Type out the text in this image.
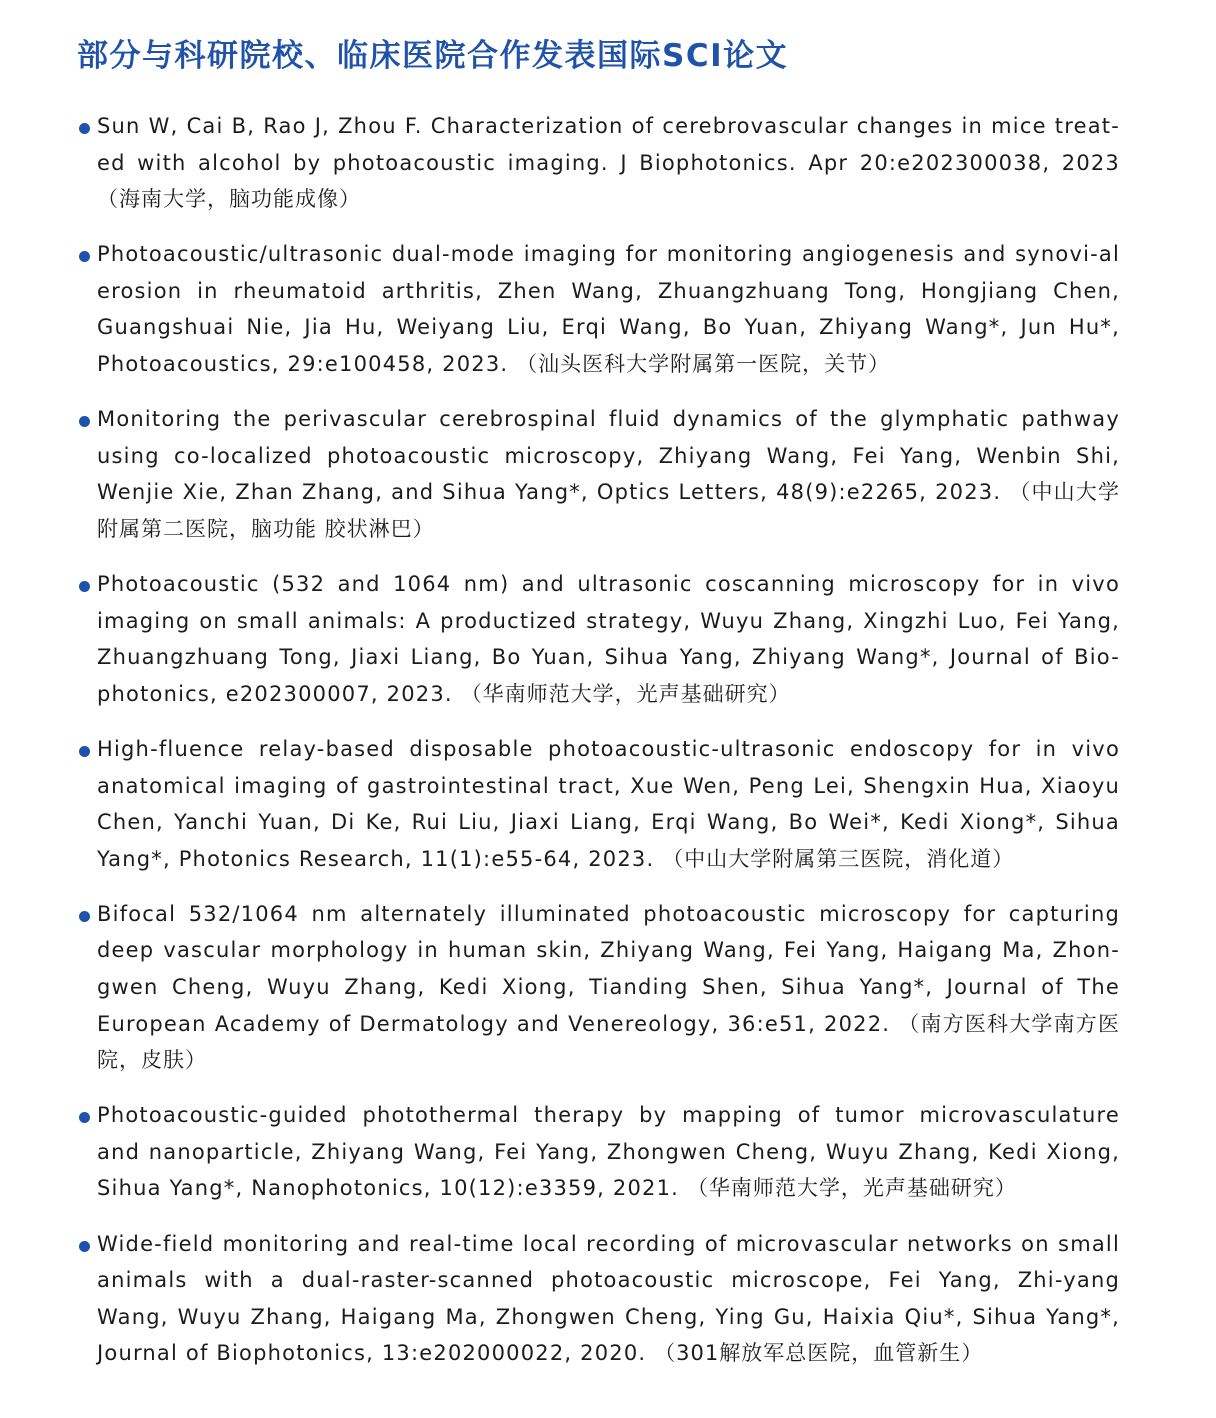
部分与科研院校、临床医院合作发表国际SCI论文
Sun W, Cai B, Rao J, Zhou F. Characterization of cerebrovascular changes in mice treat-ed with alcohol by photoacoustic imaging. J Biophotonics. Apr 20:e202300038, 2023 （海南大学，脑功能成像）
Photoacoustic/ultrasonic dual-mode imaging for monitoring angiogenesis and synovi-al erosion in rheumatoid arthritis, Zhen Wang, Zhuangzhuang Tong, Hongjiang Chen, Guangshuai Nie, Jia Hu, Weiyang Liu, Erqi Wang, Bo Yuan, Zhiyang Wang*, Jun Hu*, Photoacoustics, 29:e100458, 2023. （汕头医科大学附属第一医院，关节）
Monitoring the perivascular cerebrospinal fluid dynamics of the glymphatic pathway using co-localized photoacoustic microscopy, Zhiyang Wang, Fei Yang, Wenbin Shi, Wenjie Xie, Zhan Zhang, and Sihua Yang*, Optics Letters, 48(9):e2265, 2023. （中山大学附属第二医院，脑功能 胶状淋巴）
Photoacoustic (532 and 1064 nm) and ultrasonic coscanning microscopy for in vivo imaging on small animals: A productized strategy, Wuyu Zhang, Xingzhi Luo, Fei Yang, Zhuangzhuang Tong, Jiaxi Liang, Bo Yuan, Sihua Yang, Zhiyang Wang*, Journal of Bio-photonics, e202300007, 2023. （华南师范大学，光声基础研究）
High-fluence relay-based disposable photoacoustic-ultrasonic endoscopy for in vivo anatomical imaging of gastrointestinal tract, Xue Wen, Peng Lei, Shengxin Hua, Xiaoyu Chen, Yanchi Yuan, Di Ke, Rui Liu, Jiaxi Liang, Erqi Wang, Bo Wei*, Kedi Xiong*, Sihua Yang*, Photonics Research, 11(1):e55-64, 2023. （中山大学附属第三医院，消化道）
Bifocal 532/1064 nm alternately illuminated photoacoustic microscopy for capturing deep vascular morphology in human skin, Zhiyang Wang, Fei Yang, Haigang Ma, Zhon-gwen Cheng, Wuyu Zhang, Kedi Xiong, Tianding Shen, Sihua Yang*, Journal of The European Academy of Dermatology and Venereology, 36:e51, 2022. （南方医科大学南方医院，皮肤）
Photoacoustic-guided photothermal therapy by mapping of tumor microvasculature and nanoparticle, Zhiyang Wang, Fei Yang, Zhongwen Cheng, Wuyu Zhang, Kedi Xiong, Sihua Yang*, Nanophotonics, 10(12):e3359, 2021. （华南师范大学，光声基础研究）
Wide-field monitoring and real-time local recording of microvascular networks on small animals with a dual-raster-scanned photoacoustic microscope, Fei Yang, Zhi-yang Wang, Wuyu Zhang, Haigang Ma, Zhongwen Cheng, Ying Gu, Haixia Qiu*, Sihua Yang*, Journal of Biophotonics, 13:e202000022, 2020. （301解放军总医院，血管新生）
